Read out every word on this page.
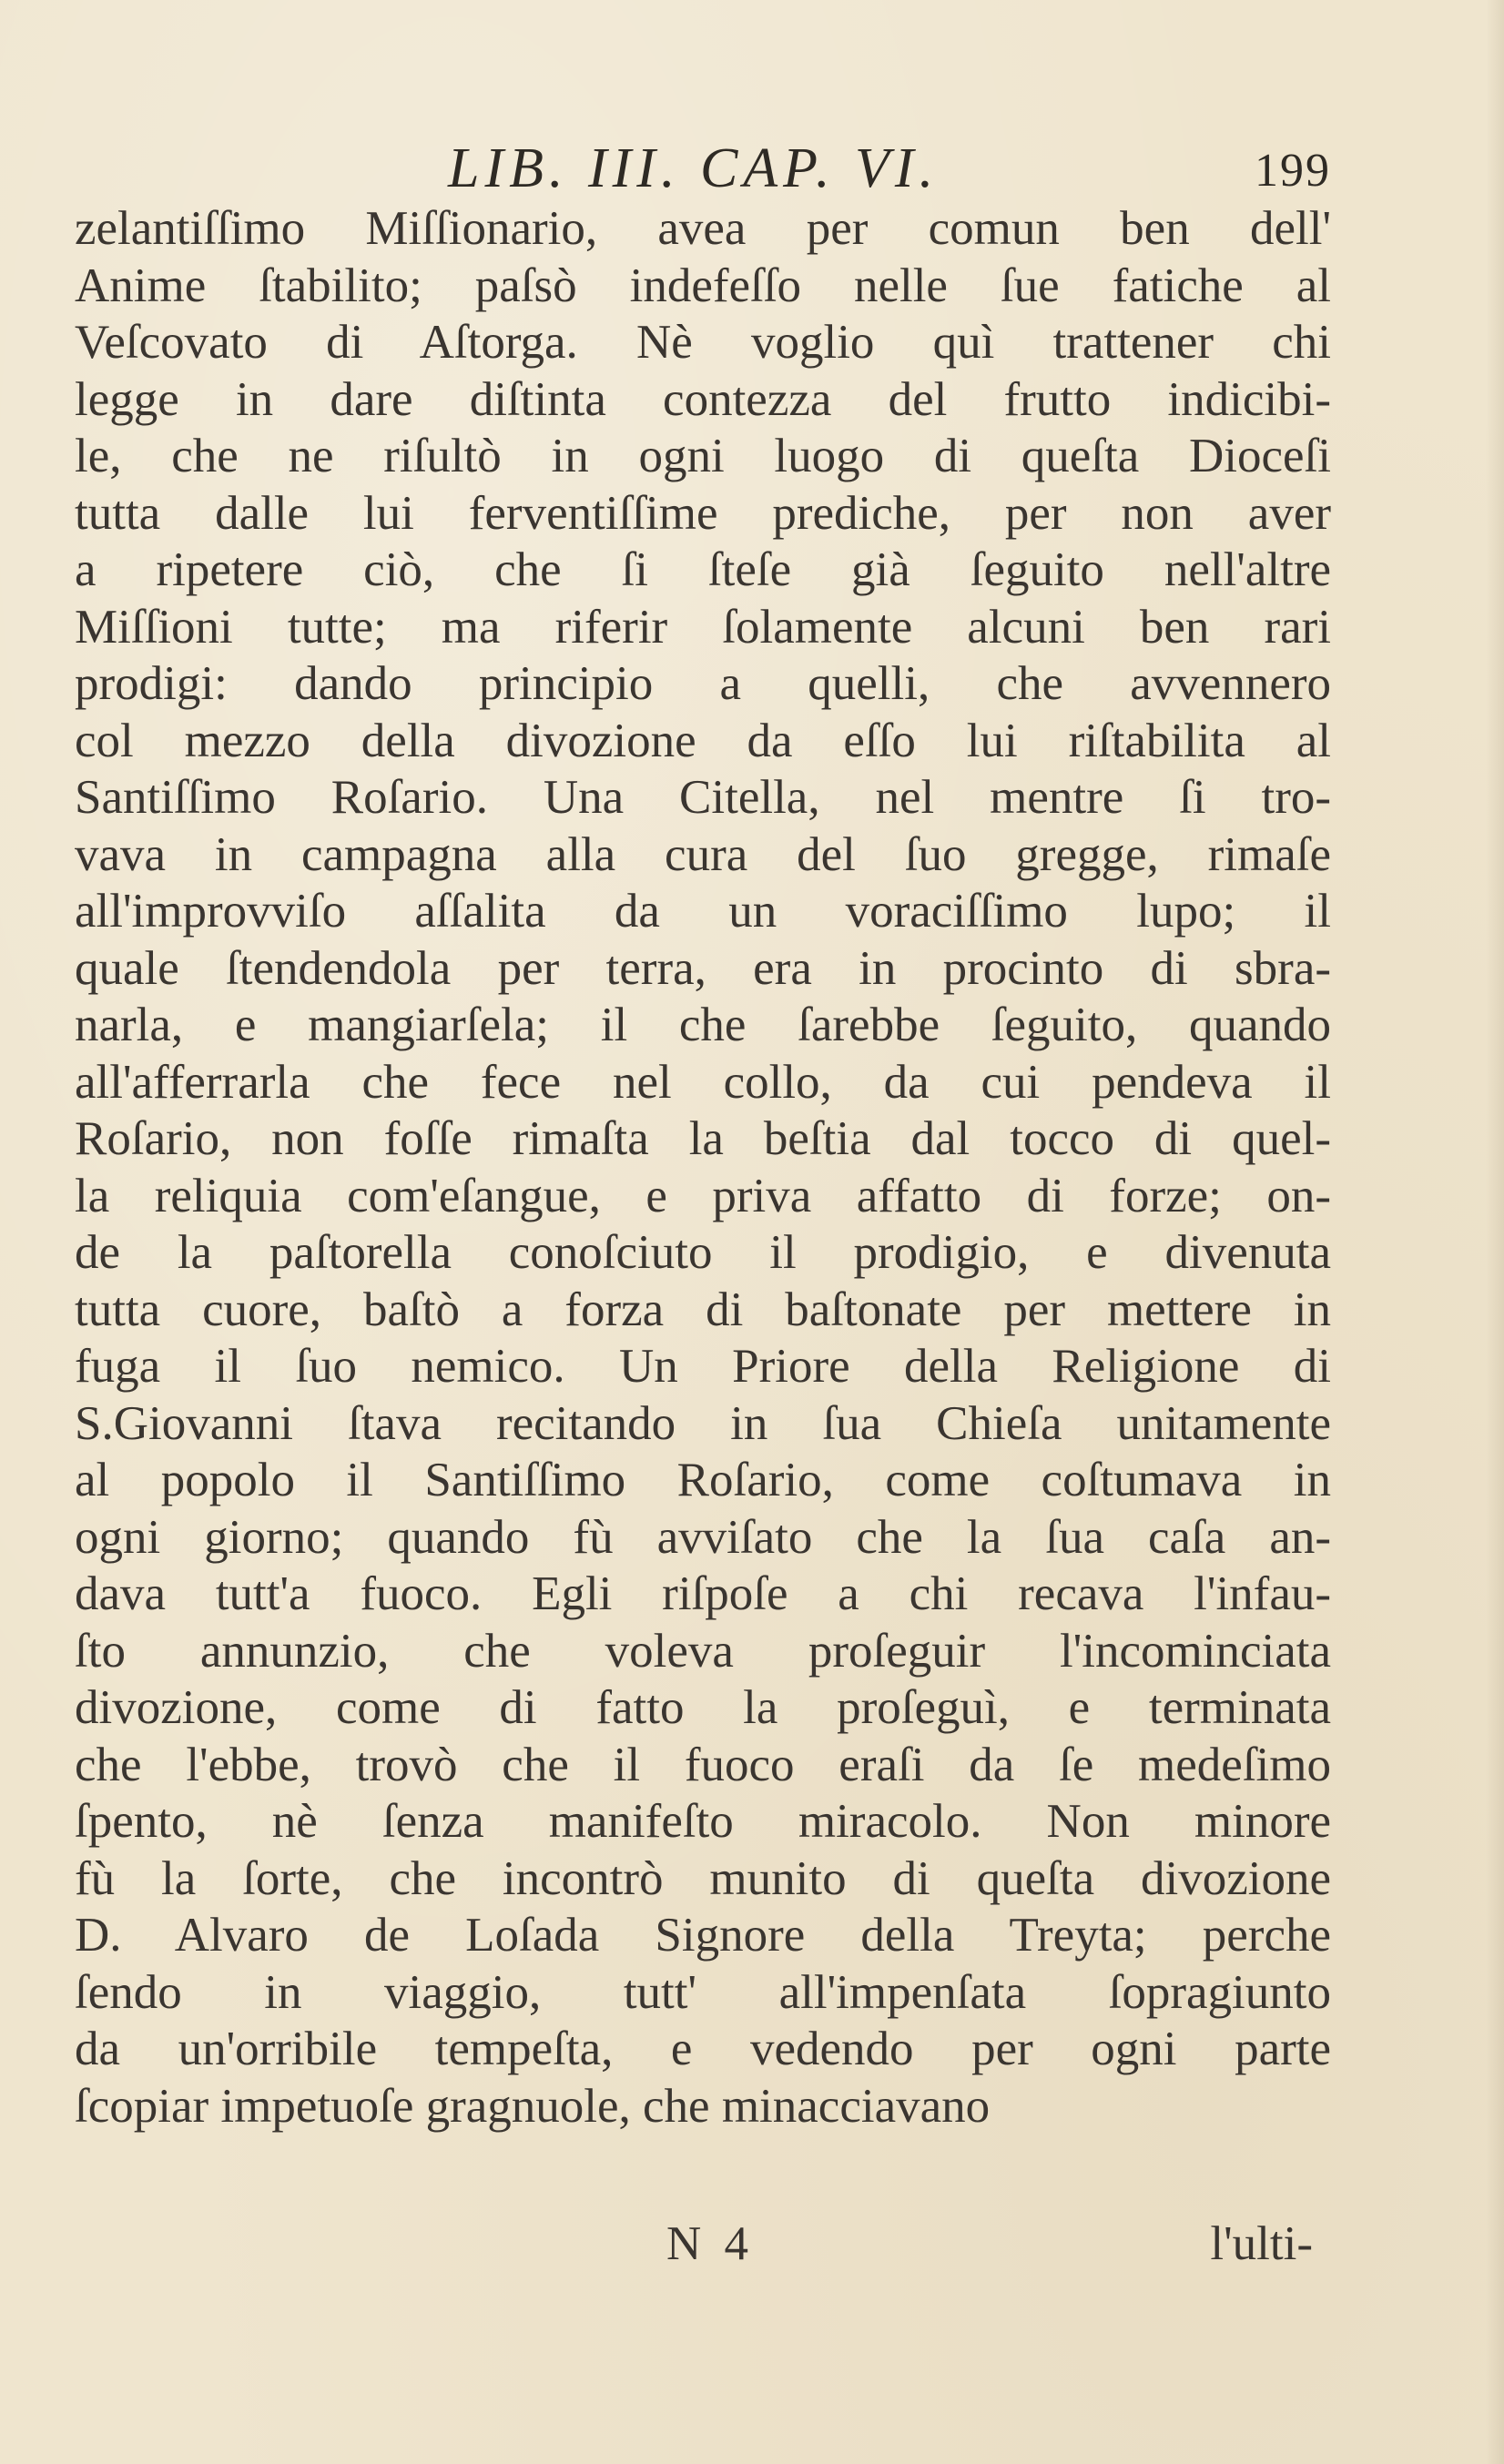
LIB. III. CAP. VI.	199
zelantiſſimo Miſſionario, avea per comun ben dell'
Anime ſtabilito; paſsò indefeſſo nelle ſue fatiche al
Veſcovato di Aſtorga. Nè voglio quì trattener chi
legge in dare diſtinta contezza del frutto indicibi-
le, che ne riſultò in ogni luogo di queſta Dioceſi
tutta dalle lui ferventiſſime prediche, per non aver
a ripetere ciò, che ſi ſteſe già ſeguito nell'altre
Miſſioni tutte; ma riferir ſolamente alcuni ben rari
prodigi: dando principio a quelli, che avvennero
col mezzo della divozione da eſſo lui riſtabilita al
Santiſſimo Roſario. Una Citella, nel mentre ſi tro-
vava in campagna alla cura del ſuo gregge, rimaſe
all'improvviſo aſſalita da un voraciſſimo lupo; il
quale ſtendendola per terra, era in procinto di sbra-
narla, e mangiarſela; il che ſarebbe ſeguito, quando
all'afferrarla che fece nel collo, da cui pendeva il
Roſario, non foſſe rimaſta la beſtia dal tocco di quel-
la reliquia com'eſangue, e priva affatto di forze; on-
de la paſtorella conoſciuto il prodigio, e divenuta
tutta cuore, baſtò a forza di baſtonate per mettere in
fuga il ſuo nemico. Un Priore della Religione di
S.Giovanni ſtava recitando in ſua Chieſa unitamente
al popolo il Santiſſimo Roſario, come coſtumava in
ogni giorno; quando fù avviſato che la ſua caſa an-
dava tutt'a fuoco. Egli riſpoſe a chi recava l'infau-
ſto annunzio, che voleva proſeguir l'incominciata
divozione, come di fatto la proſeguì, e terminata
che l'ebbe, trovò che il fuoco eraſi da ſe medeſimo
ſpento, nè ſenza manifeſto miracolo. Non minore
fù la ſorte, che incontrò munito di queſta divozione
D. Alvaro de Loſada Signore della Treyta; perche
ſendo in viaggio, tutt' all'impenſata ſopragiunto
da un'orribile tempeſta, e vedendo per ogni parte
ſcopiar impetuoſe gragnuole, che minacciavano
N 4	l'ulti-
